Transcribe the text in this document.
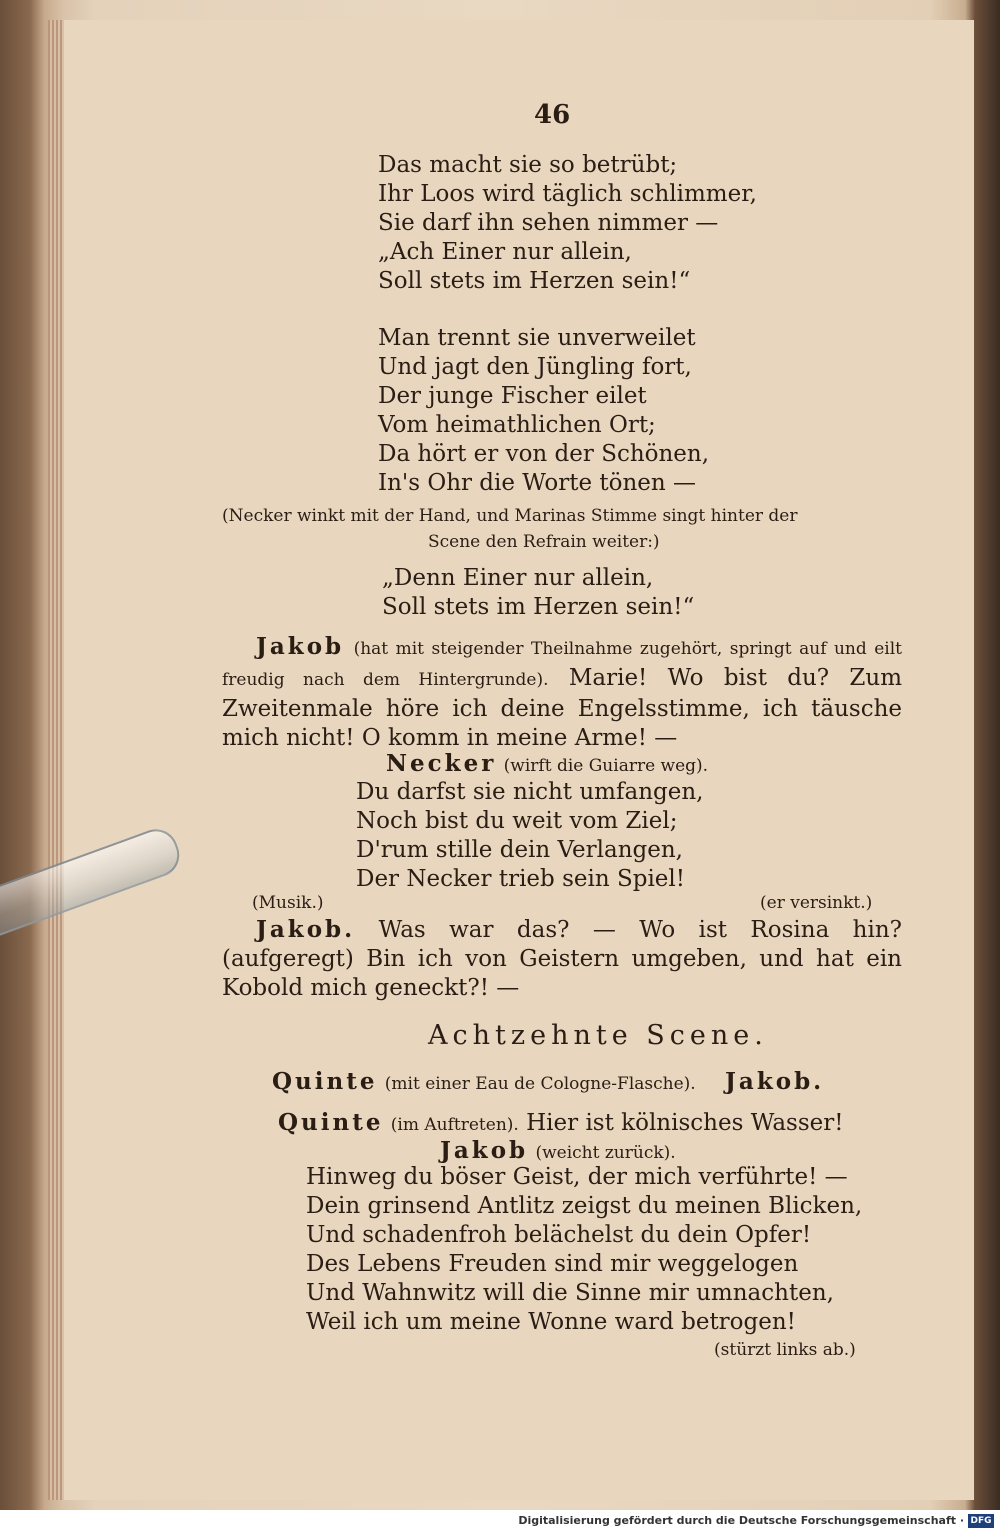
46
Das macht sie so betrübt;
Ihr Loos wird täglich schlimmer,
Sie darf ihn sehen nimmer —
„Ach Einer nur allein,
Soll stets im Herzen sein!“
Man trennt sie unverweilet
Und jagt den Jüngling fort,
Der junge Fischer eilet
Vom heimathlichen Ort;
Da hört er von der Schönen,
In's Ohr die Worte tönen —
(Necker winkt mit der Hand, und Marinas Stimme singt hinter der
Scene den Refrain weiter:)
„Denn Einer nur allein,
Soll stets im Herzen sein!“
Jakob (hat mit steigender Theilnahme zugehört, springt auf und eilt freudig nach dem Hintergrunde). Marie! Wo bist du? Zum Zweitenmale höre ich deine Engelsstimme, ich täusche mich nicht! O komm in meine Arme! —
Necker (wirft die Guiarre weg).
Du darfst sie nicht umfangen,
Noch bist du weit vom Ziel;
D'rum stille dein Verlangen,
Der Necker trieb sein Spiel!
(Musik.)	(er versinkt.)
Jakob. Was war das? — Wo ist Rosina hin? (aufgeregt) Bin ich von Geistern umgeben, und hat ein Kobold mich geneckt?! —
Achtzehnte Scene.
Quinte (mit einer Eau de Cologne-Flasche). Jakob.
Quinte (im Auftreten). Hier ist kölnisches Wasser!
Jakob (weicht zurück).
Hinweg du böser Geist, der mich verführte! —
Dein grinsend Antlitz zeigst du meinen Blicken,
Und schadenfroh belächelst du dein Opfer!
Des Lebens Freuden sind mir weggelogen
Und Wahnwitz will die Sinne mir umnachten,
Weil ich um meine Wonne ward betrogen!
(stürzt links ab.)
Digitalisierung gefördert durch die Deutsche Forschungsgemeinschaft · DFG
